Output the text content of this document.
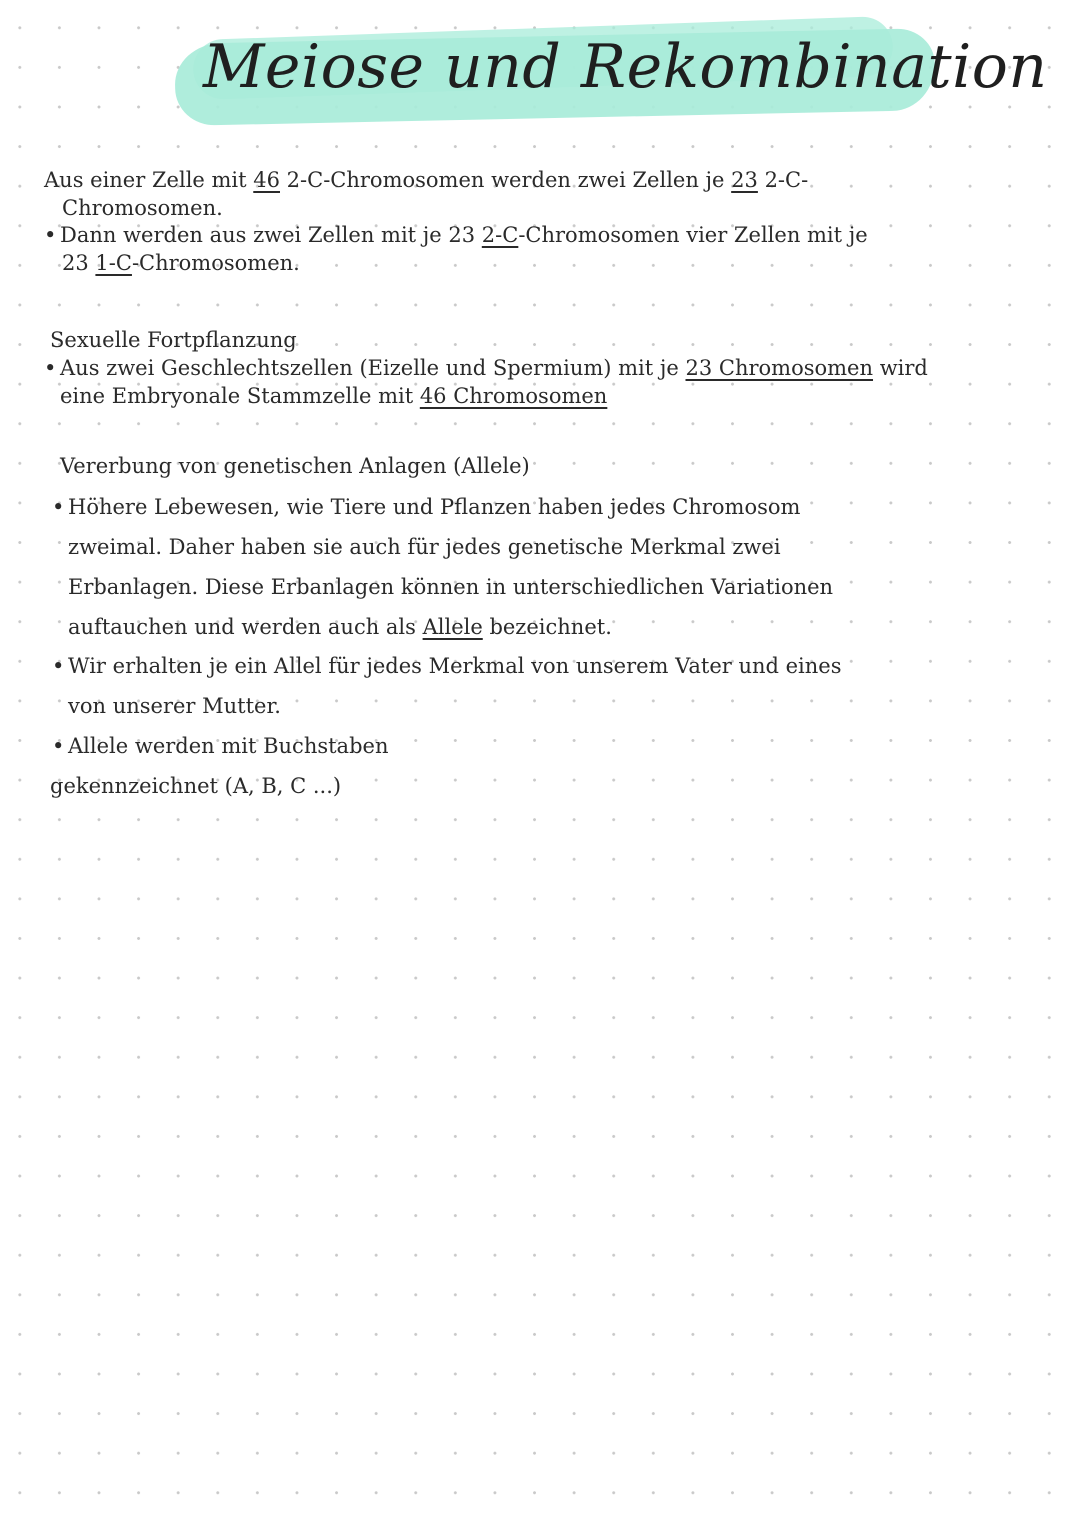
Meiose und Rekombination

Aus einer Zelle mit 46 2-C-Chromosomen werden zwei Zellen je 23 2-C-

Chromosomen.

• Dann werden aus zwei Zellen mit je 23 2-C-Chromosomen vier Zellen mit je

23 1-C-Chromosomen.

Sexuelle Fortpflanzung

• Aus zwei Geschlechtszellen (Eizelle und Spermium) mit je 23 Chromosomen wird

eine Embryonale Stammzelle mit 46 Chromosomen

Vererbung von genetischen Anlagen (Allele)

• Höhere Lebewesen, wie Tiere und Pflanzen haben jedes Chromosom

zweimal. Daher haben sie auch für jedes genetische Merkmal zwei

Erbanlagen. Diese Erbanlagen können in unterschiedlichen Variationen

auftauchen und werden auch als Allele bezeichnet.

• Wir erhalten je ein Allel für jedes Merkmal von unserem Vater und eines

von unserer Mutter.

• Allele werden mit Buchstaben

gekennzeichnet (A, B, C ...)
